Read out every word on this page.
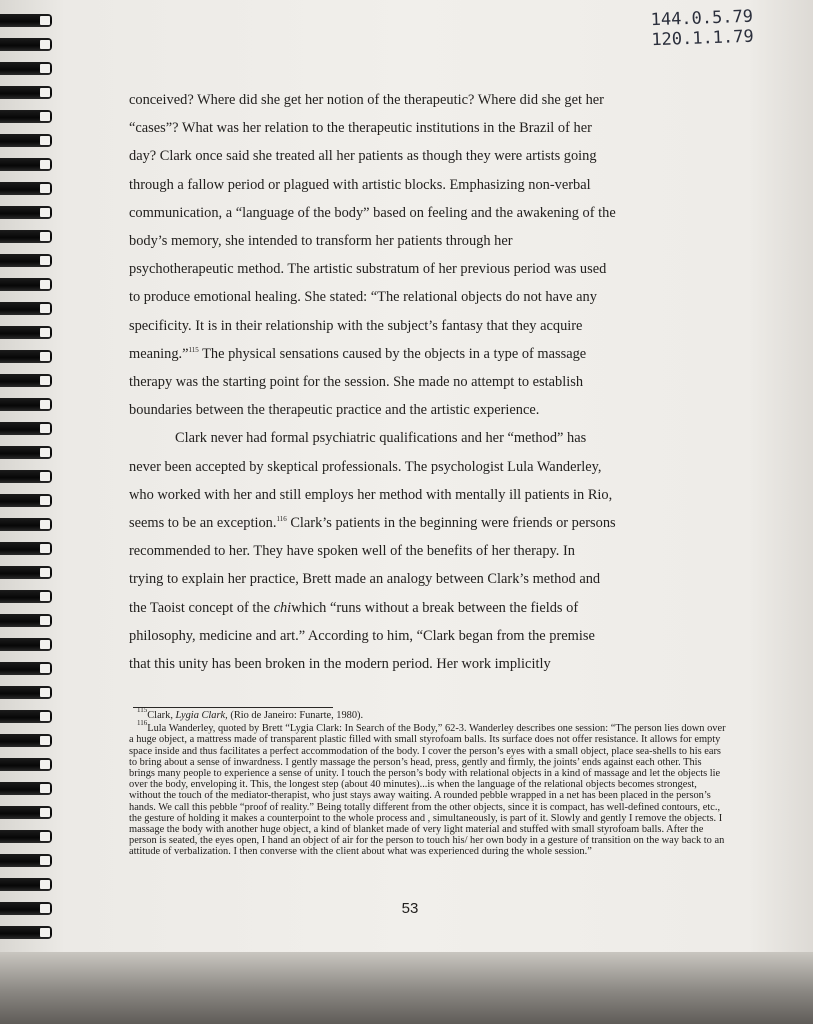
144.0.5.79
120.1.1.79

conceived? Where did she get her notion of the therapeutic? Where did she get her
“cases”? What was her relation to the therapeutic institutions in the Brazil of her
day? Clark once said she treated all her patients as though they were artists going
through a fallow period or plagued with artistic blocks. Emphasizing non-verbal
communication, a “language of the body” based on feeling and the awakening of the
body’s memory, she intended to transform her patients through her
psychotherapeutic method. The artistic substratum of her previous period was used
to produce emotional healing. She stated: “The relational objects do not have any
specificity. It is in their relationship with the subject’s fantasy that they acquire
meaning.”$^{115}$ The physical sensations caused by the objects in a type of massage
therapy was the starting point for the session. She made no attempt to establish
boundaries between the therapeutic practice and the artistic experience.

Clark never had formal psychiatric qualifications and her “method” has
never been accepted by skeptical professionals. The psychologist Lula Wanderley,
who worked with her and still employs her method with mentally ill patients in Rio,
seems to be an exception.$^{116}$ Clark’s patients in the beginning were friends or persons
recommended to her. They have spoken well of the benefits of her therapy. In
trying to explain her practice, Brett made an analogy between Clark’s method and
the Taoist concept of the chiwhich “runs without a break between the fields of
philosophy, medicine and art.” According to him, “Clark began from the premise
that this unity has been broken in the modern period. Her work implicitly

$^{115}$Clark, Lygia Clark, (Rio de Janeiro: Funarte, 1980).

$^{116}$Lula Wanderley, quoted by Brett “Lygia Clark: In Search of the Body,” 62-3. Wanderley describes one session: “The person lies down over a huge object, a mattress made of transparent plastic filled with small styrofoam balls. Its surface does not offer resistance. It allows for empty space inside and thus facilitates a perfect accommodation of the body. I cover the person’s eyes with a small object, place sea-shells to his ears to bring about a sense of inwardness. I gently massage the person’s head, press, gently and firmly, the joints’ ends against each other. This brings many people to experience a sense of unity. I touch the person’s body with relational objects in a kind of massage and let the objects lie over the body, enveloping it. This, the longest step (about 40 minutes)...is when the language of the relational objects becomes strongest, without the touch of the mediator-therapist, who just stays away waiting. A rounded pebble wrapped in a net has been placed in the person’s hands. We call this pebble “proof of reality.” Being totally different from the other objects, since it is compact, has well-defined contours, etc., the gesture of holding it makes a counterpoint to the whole process and , simultaneously, is part of it. Slowly and gently I remove the objects. I massage the body with another huge object, a kind of blanket made of very light material and stuffed with small styrofoam balls. After the person is seated, the eyes open, I hand an object of air for the person to touch his/ her own body in a gesture of transition on the way back to an attitude of verbalization. I then converse with the client about what was experienced during the whole session.”

53
